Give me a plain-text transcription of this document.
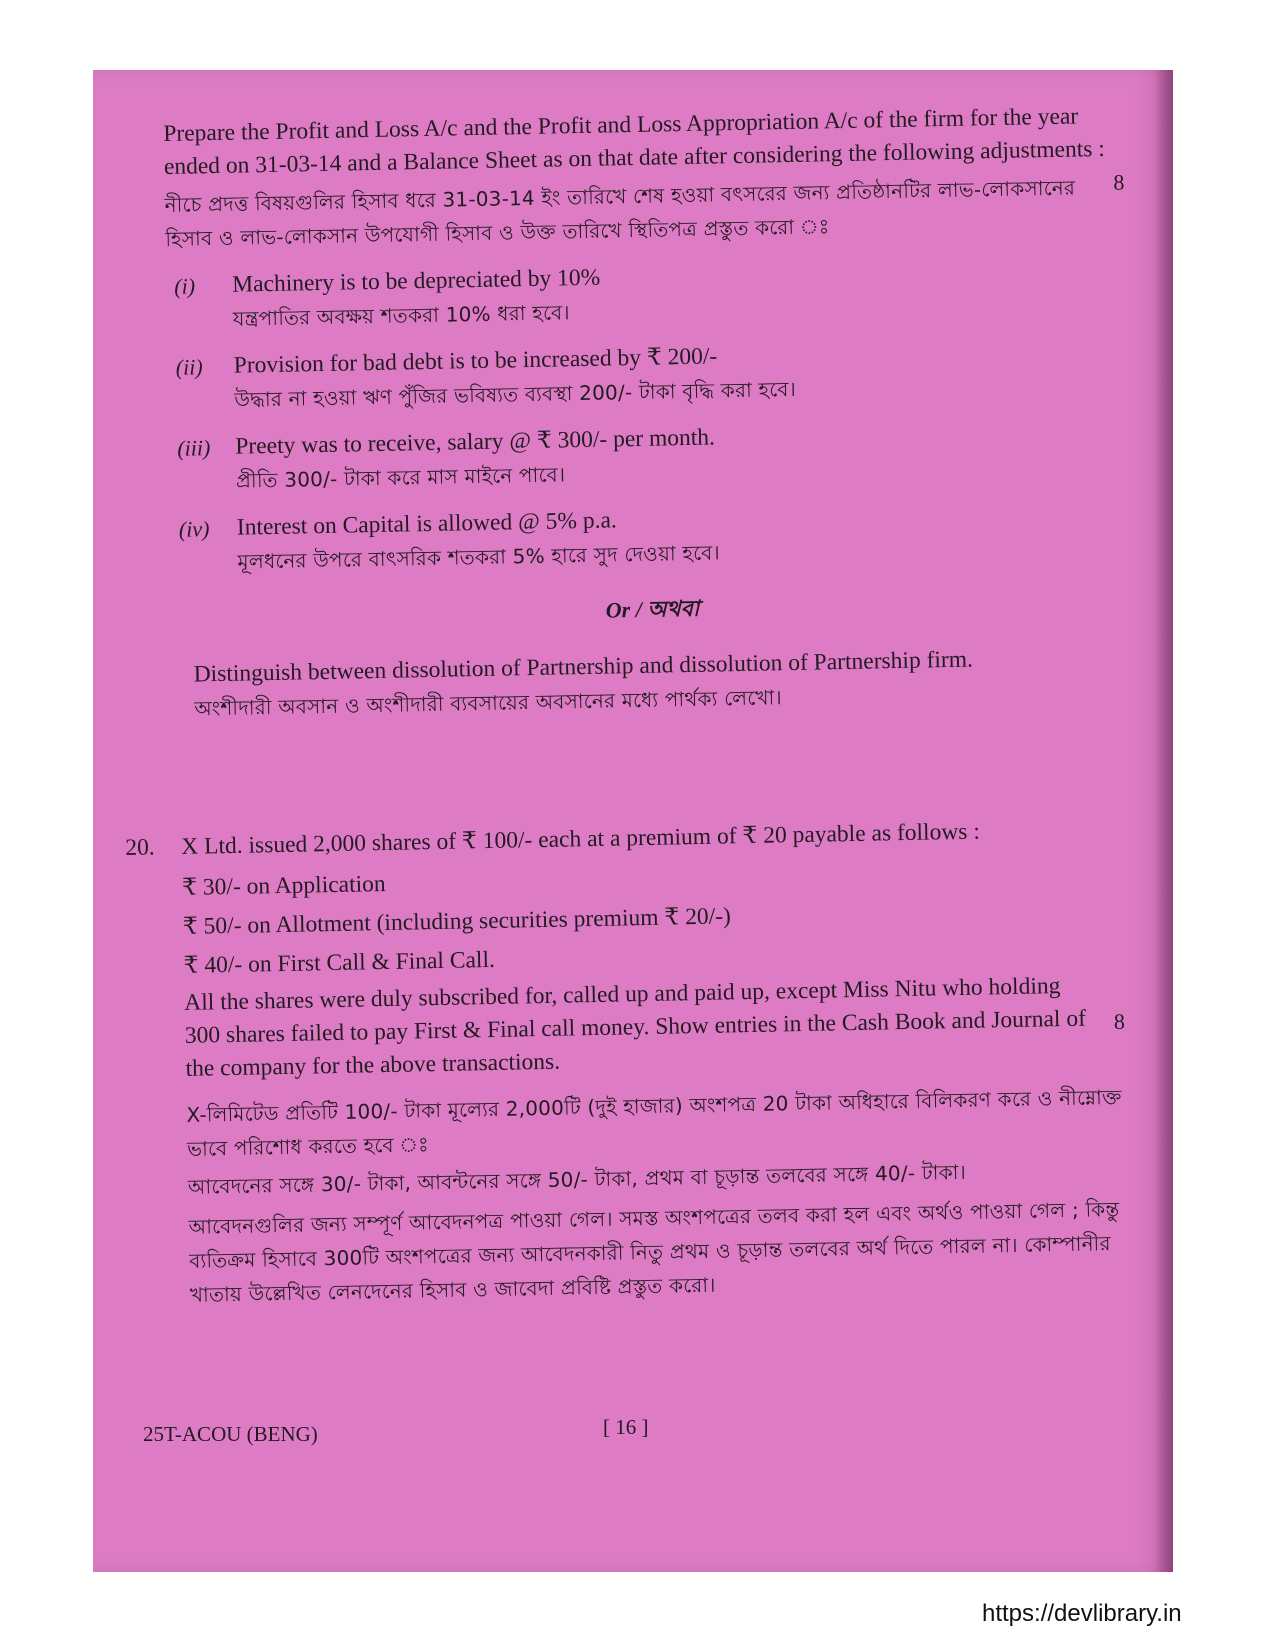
Prepare the Profit and Loss A/c and the Profit and Loss Appropriation A/c of the firm for the year ended on 31-03-14 and a Balance Sheet as on that date after considering the following adjustments :

8

নীচে প্রদত্ত বিষয়গুলির হিসাব ধরে 31-03-14 ইং তারিখে শেষ হওয়া বৎসরের জন্য প্রতিষ্ঠানটির লাভ-লোকসানের হিসাব ও লাভ-লোকসান উপযোগী হিসাব ও উক্ত তারিখে স্থিতিপত্র প্রস্তুত করো ঃ

(i)	Machinery is to be depreciated by 10%
যন্ত্রপাতির অবক্ষয় শতকরা 10% ধরা হবে।
(ii)	Provision for bad debt is to be increased by ₹ 200/-
উদ্ধার না হওয়া ঋণ পুঁজির ভবিষ্যত ব্যবস্থা 200/- টাকা বৃদ্ধি করা হবে।
(iii)	Preety was to receive, salary @ ₹ 300/- per month.
প্রীতি 300/- টাকা করে মাস মাইনে পাবে।
(iv)	Interest on Capital is allowed @ 5% p.a.
মূলধনের উপরে বাৎসরিক শতকরা 5% হারে সুদ দেওয়া হবে।
Or / অথবা

Distinguish between dissolution of Partnership and dissolution of Partnership firm.

অংশীদারী অবসান ও অংশীদারী ব্যবসায়ের অবসানের মধ্যে পার্থক্য লেখো।

20. X Ltd. issued 2,000 shares of ₹ 100/- each at a premium of ₹ 20 payable as follows :

₹ 30/- on Application

₹ 50/- on Allotment (including securities premium ₹ 20/-)

₹ 40/- on First Call & Final Call.

All the shares were duly subscribed for, called up and paid up, except Miss Nitu who holding 300 shares failed to pay First & Final call money. Show entries in the Cash Book and Journal of the company for the above transactions.

8

X-লিমিটেড প্রতিটি 100/- টাকা মূল্যের 2,000টি (দুই হাজার) অংশপত্র 20 টাকা অধিহারে বিলিকরণ করে ও নীম্নোক্ত ভাবে পরিশোধ করতে হবে ঃ

আবেদনের সঙ্গে 30/- টাকা, আবন্টনের সঙ্গে 50/- টাকা, প্রথম বা চূড়ান্ত তলবের সঙ্গে 40/- টাকা।

আবেদনগুলির জন্য সম্পূর্ণ আবেদনপত্র পাওয়া গেল। সমস্ত অংশপত্রের তলব করা হল এবং অর্থও পাওয়া গেল ; কিন্তু ব্যতিক্রম হিসাবে 300টি অংশপত্রের জন্য আবেদনকারী নিতু প্রথম ও চূড়ান্ত তলবের অর্থ দিতে পারল না। কোম্পানীর খাতায় উল্লেখিত লেনদেনের হিসাব ও জাবেদা প্রবিষ্টি প্রস্তুত করো।

25T-ACOU (BENG)	[ 16 ]
https://devlibrary.in
